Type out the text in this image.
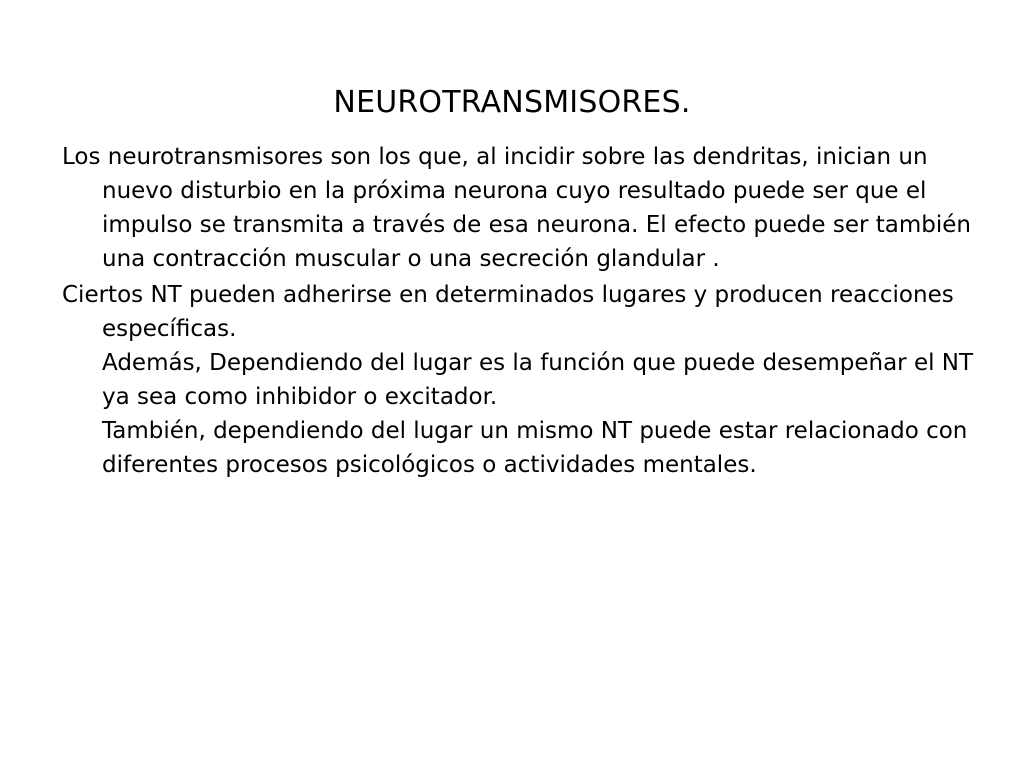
NEUROTRANSMISORES.

Los neurotransmisores son los que, al incidir sobre las dendritas, inician un nuevo disturbio en la próxima neurona cuyo resultado puede ser que el impulso se transmita a través de esa neurona. El efecto puede ser también una contracción muscular o una secreción glandular .

Ciertos NT pueden adherirse en determinados lugares y producen reacciones específicas.
Además, Dependiendo del lugar es la función que puede desempeñar el NT ya sea como inhibidor o excitador.
También, dependiendo del lugar un mismo NT puede estar relacionado con diferentes procesos psicológicos o actividades mentales.
